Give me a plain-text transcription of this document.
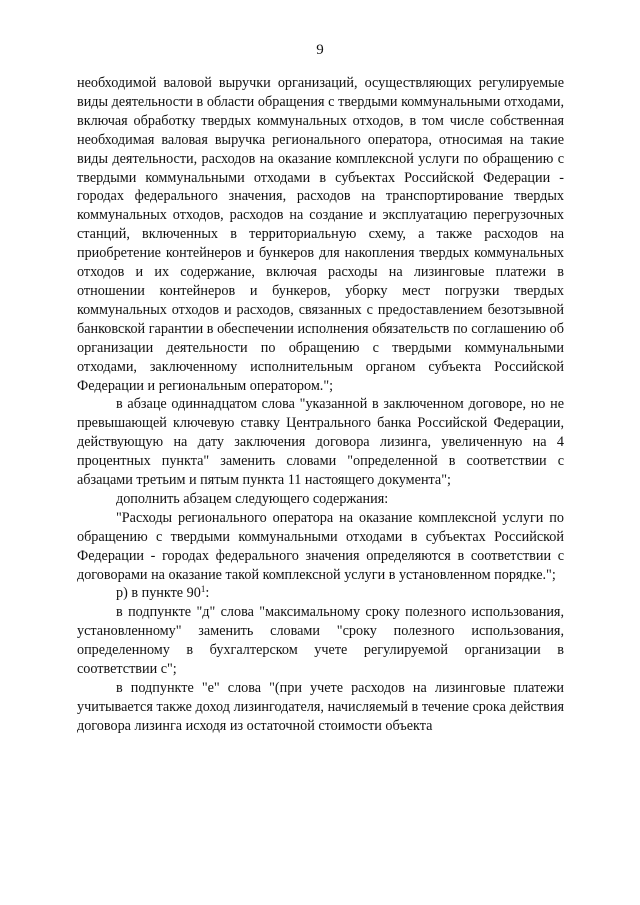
9

необходимой валовой выручки организаций, осуществляющих регулируемые виды деятельности в области обращения с твердыми коммунальными отходами, включая обработку твердых коммунальных отходов, в том числе собственная необходимая валовая выручка регионального оператора, относимая на такие виды деятельности, расходов на оказание комплексной услуги по обращению с твердыми коммунальными отходами в субъектах Российской Федерации - городах федерального значения, расходов на транспортирование твердых коммунальных отходов, расходов на создание и эксплуатацию перегрузочных станций, включенных в территориальную схему, а также расходов на приобретение контейнеров и бункеров для накопления твердых коммунальных отходов и их содержание, включая расходы на лизинговые платежи в отношении контейнеров и бункеров, уборку мест погрузки твердых коммунальных отходов и расходов, связанных с предоставлением безотзывной банковской гарантии в обеспечении исполнения обязательств по соглашению об организации деятельности по обращению с твердыми коммунальными отходами, заключенному исполнительным органом субъекта Российской Федерации и региональным оператором.";

в абзаце одиннадцатом слова "указанной в заключенном договоре, но не превышающей ключевую ставку Центрального банка Российской Федерации, действующую на дату заключения договора лизинга, увеличенную на 4 процентных пункта" заменить словами "определенной в соответствии с абзацами третьим и пятым пункта 11 настоящего документа";

дополнить абзацем следующего содержания:

"Расходы регионального оператора на оказание комплексной услуги по обращению с твердыми коммунальными отходами в субъектах Российской Федерации - городах федерального значения определяются в соответствии с договорами на оказание такой комплексной услуги в установленном порядке.";

р) в пункте $90^1$:

в подпункте "д" слова "максимальному сроку полезного использования, установленному" заменить словами "сроку полезного использования, определенному в бухгалтерском учете регулируемой организации в соответствии с";

в подпункте "е" слова "(при учете расходов на лизинговые платежи учитывается также доход лизингодателя, начисляемый в течение срока действия договора лизинга исходя из остаточной стоимости объекта
